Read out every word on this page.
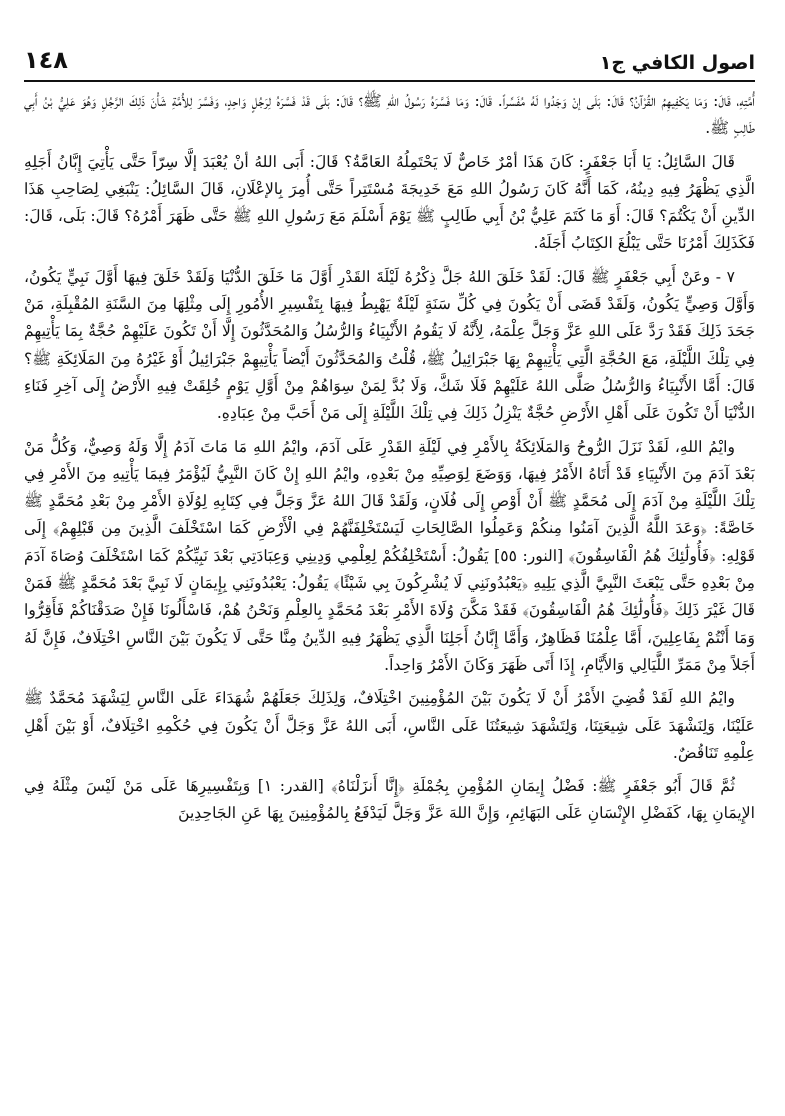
اصول الكافي ج١
١٤٨

أُمَّتِهِ، قَالَ: وَمَا يَكْفِيهِمُ القُرْآنُ؟ قَالَ: بَلَى إنْ وَجَدُوا لَهُ مُفَسِّراً. قَالَ: وَمَا فَسَّرَهُ رَسُولُ اللهِ ﷺ؟ قَالَ: بَلَى قَدْ فَسَّرَهُ لِرَجُلٍ وَاحِدٍ، وَفَسَّرَ لِلأُمَّةِ شَأْنَ ذَلِكَ الرَّجُلِ وَهُوَ عَلِيُّ بْنُ أَبِي طَالِبٍ ﷺ.

قَالَ السَّائِلُ: يَا أَبَا جَعْفَرٍ: كَانَ هَذَا أمْرٌ خَاصٌّ لَا يَحْتَمِلُهُ العَامَّةُ؟ قَالَ: أَبَى اللهُ أنْ يُعْبَدَ إلَّا سِرّاً حَتَّى يَأْتِيَ إِبَّانُ أَجَلِهِ الَّذِي يَظْهَرُ فِيهِ دِينُهُ، كَمَا أَنَّهُ كَانَ رَسُولُ اللهِ مَعَ خَدِيجَةَ مُسْتَتِراً حَتَّى أُمِرَ بِالإعْلَانِ، قَالَ السَّائِلُ: يَنْبَغِي لِصَاحِبِ هَذَا الدِّينِ أَنْ يَكْتُمَ؟ قَالَ: أَوَ مَا كَتَمَ عَلِيُّ بْنُ أَبِي طَالِبٍ ﷺ يَوْمَ أَسْلَمَ مَعَ رَسُولِ اللهِ ﷺ حَتَّى ظَهَرَ أَمْرُهُ؟ قَالَ: بَلَى، قَالَ: فَكَذَلِكَ أَمْرُنَا حَتَّى يَبْلُغَ الكِتَابُ أَجَلَهُ.

٧ - وعَنْ أَبِي جَعْفَرٍ ﷺ قَالَ: لَقَدْ خَلَقَ اللهُ جَلَّ ذِكْرُهُ لَيْلَةَ القَدْرِ أَوَّلَ مَا خَلَقَ الدُّنْيَا وَلَقَدْ خَلَقَ فِيهَا أَوَّلَ نَبِيٍّ يَكُونُ، وَأَوَّلَ وَصِيٍّ يَكُونُ، وَلَقَدْ قَضَى أَنْ يَكُونَ فِي كُلِّ سَنَةٍ لَيْلَةٌ يَهْبِطُ فِيهَا بِتَفْسِيرِ الأُمُورِ إِلَى مِثْلِهَا مِنَ السَّنَةِ المُقْبِلَةِ، مَنْ جَحَدَ ذَلِكَ فَقَدْ رَدَّ عَلَى اللهِ عَزَّ وَجَلَّ عِلْمَهُ، لِأَنَّهُ لَا يَقُومُ الأَنْبِيَاءُ وَالرُّسُلُ وَالمُحَدَّثُونَ إِلَّا أَنْ تَكُونَ عَلَيْهِمْ حُجَّةٌ بِمَا يَأْتِيهِمْ فِي تِلْكَ اللَّيْلَةِ، مَعَ الحُجَّةِ الَّتِي يَأْتِيهِمْ بِهَا جَبْرَائِيلُ ﷺ، قُلْتُ وَالمُحَدَّثُونَ أَيْضاً يَأْتِيهِمْ جَبْرَائِيلُ أَوْ غَيْرُهُ مِنَ المَلَائِكَةِ ﷺ؟ قَالَ: أَمَّا الأَنْبِيَاءُ وَالرُّسُلُ صَلَّى اللهُ عَلَيْهِمْ فَلَا شَكَّ، وَلَا بُدَّ لِمَنْ سِوَاهُمْ مِنْ أَوَّلِ يَوْمٍ خُلِقَتْ فِيهِ الأَرْضُ إِلَى آخِرِ فَنَاءِ الدُّنْيَا أَنْ تَكُونَ عَلَى أَهْلِ الأَرْضِ حُجَّةٌ يَنْزِلُ ذَلِكَ فِي تِلْكَ اللَّيْلَةِ إِلَى مَنْ أَحَبَّ مِنْ عِبَادِهِ.

وايْمُ اللهِ، لَقَدْ نَزَلَ الرُّوحُ وَالمَلَائِكَةُ بِالأَمْرِ فِي لَيْلَةِ القَدْرِ عَلَى آدَمَ، وايْمُ اللهِ مَا مَاتَ آدَمُ إِلَّا وَلَهُ وَصِيٌّ، وَكُلُّ مَنْ بَعْدَ آدَمَ مِنَ الأَنْبِيَاءِ قَدْ أَتَاهُ الأَمْرُ فِيهَا، وَوَضَعَ لِوَصِيِّهِ مِنْ بَعْدِهِ، وايْمُ اللهِ إِنْ كَانَ النَّبِيُّ لَيُؤْمَرُ فِيمَا يَأْتِيهِ مِنَ الأَمْرِ فِي تِلْكَ اللَّيْلَةِ مِنْ آدَمَ إِلَى مُحَمَّدٍ ﷺ أَنْ أَوْصِ إِلَى فُلَانٍ، وَلَقَدْ قَالَ اللهُ عَزَّ وَجَلَّ فِي كِتَابِهِ لِوُلَاةِ الأَمْرِ مِنْ بَعْدِ مُحَمَّدٍ ﷺ خَاصَّةً: ﴿وَعَدَ اللَّهُ الَّذِينَ آمَنُوا مِنكُمْ وَعَمِلُوا الصَّالِحَاتِ لَيَسْتَخْلِفَنَّهُمْ فِي الْأَرْضِ كَمَا اسْتَخْلَفَ الَّذِينَ مِن قَبْلِهِمْ﴾ إِلَى قَوْلِهِ: ﴿فَأُولَٰئِكَ هُمُ الْفَاسِقُونَ﴾ [النور: ٥٥] يَقُولُ: أَسْتَخْلِفُكُمْ لِعِلْمِي وَدِينِي وَعِبَادَتِي بَعْدَ نَبِيِّكُمْ كَمَا اسْتَخْلَفَ وُصَاةَ آدَمَ مِنْ بَعْدِهِ حَتَّى يَبْعَثَ النَّبِيَّ الَّذِي يَلِيهِ ﴿يَعْبُدُونَنِي لَا يُشْرِكُونَ بِي شَيْئًا﴾ يَقُولُ: يَعْبُدُونَنِي بِإِيمَانٍ لَا نَبِيَّ بَعْدَ مُحَمَّدٍ ﷺ فَمَنْ قَالَ غَيْرَ ذَلِكَ ﴿فَأُولَٰئِكَ هُمُ الْفَاسِقُونَ﴾ فَقَدْ مَكَّنَ وُلَاةَ الأَمْرِ بَعْدَ مُحَمَّدٍ بِالعِلْمِ وَنَحْنُ هُمْ، فَاسْأَلُونَا فَإِنْ صَدَقْنَاكُمْ فَأَقِرُّوا وَمَا أَنْتُمْ بِفَاعِلِينَ، أَمَّا عِلْمُنَا فَظَاهِرٌ، وَأَمَّا إِبَّانُ أَجَلِنَا الَّذِي يَظْهَرُ فِيهِ الدِّينُ مِنَّا حَتَّى لَا يَكُونَ بَيْنَ النَّاسِ اخْتِلَافٌ، فَإِنَّ لَهُ أَجَلاً مِنْ مَمَرِّ اللَّيَالِي وَالأَيَّامِ، إِذَا أَتَى ظَهَرَ وَكَانَ الأَمْرُ وَاحِداً.

وايْمُ اللهِ لَقَدْ قُضِيَ الأَمْرُ أَنْ لَا يَكُونَ بَيْنَ المُؤْمِنِينَ اخْتِلَافٌ، وَلِذَلِكَ جَعَلَهُمْ شُهَدَاءَ عَلَى النَّاسِ لِيَشْهَدَ مُحَمَّدٌ ﷺ عَلَيْنَا، وَلِنَشْهَدَ عَلَى شِيعَتِنَا، وَلِتَشْهَدَ شِيعَتُنَا عَلَى النَّاسِ، أَبَى اللهُ عَزَّ وَجَلَّ أَنْ يَكُونَ فِي حُكْمِهِ اخْتِلَافٌ، أَوْ بَيْنَ أَهْلِ عِلْمِهِ تَنَاقُضٌ.

ثُمَّ قَالَ أَبُو جَعْفَرٍ ﷺ: فَضْلُ إِيمَانِ المُؤْمِنِ بِجُمْلَةِ ﴿إِنَّا أَنزَلْنَاهُ﴾ [القدر: ١] وَبِتَفْسِيرِهَا عَلَى مَنْ لَيْسَ مِثْلَهُ فِي الإِيمَانِ بِهَا، كَفَضْلِ الإِنْسَانِ عَلَى البَهَائِمِ، وَإِنَّ اللهَ عَزَّ وَجَلَّ لَيَدْفَعُ بِالمُؤْمِنِينَ بِهَا عَنِ الجَاحِدِينَ
